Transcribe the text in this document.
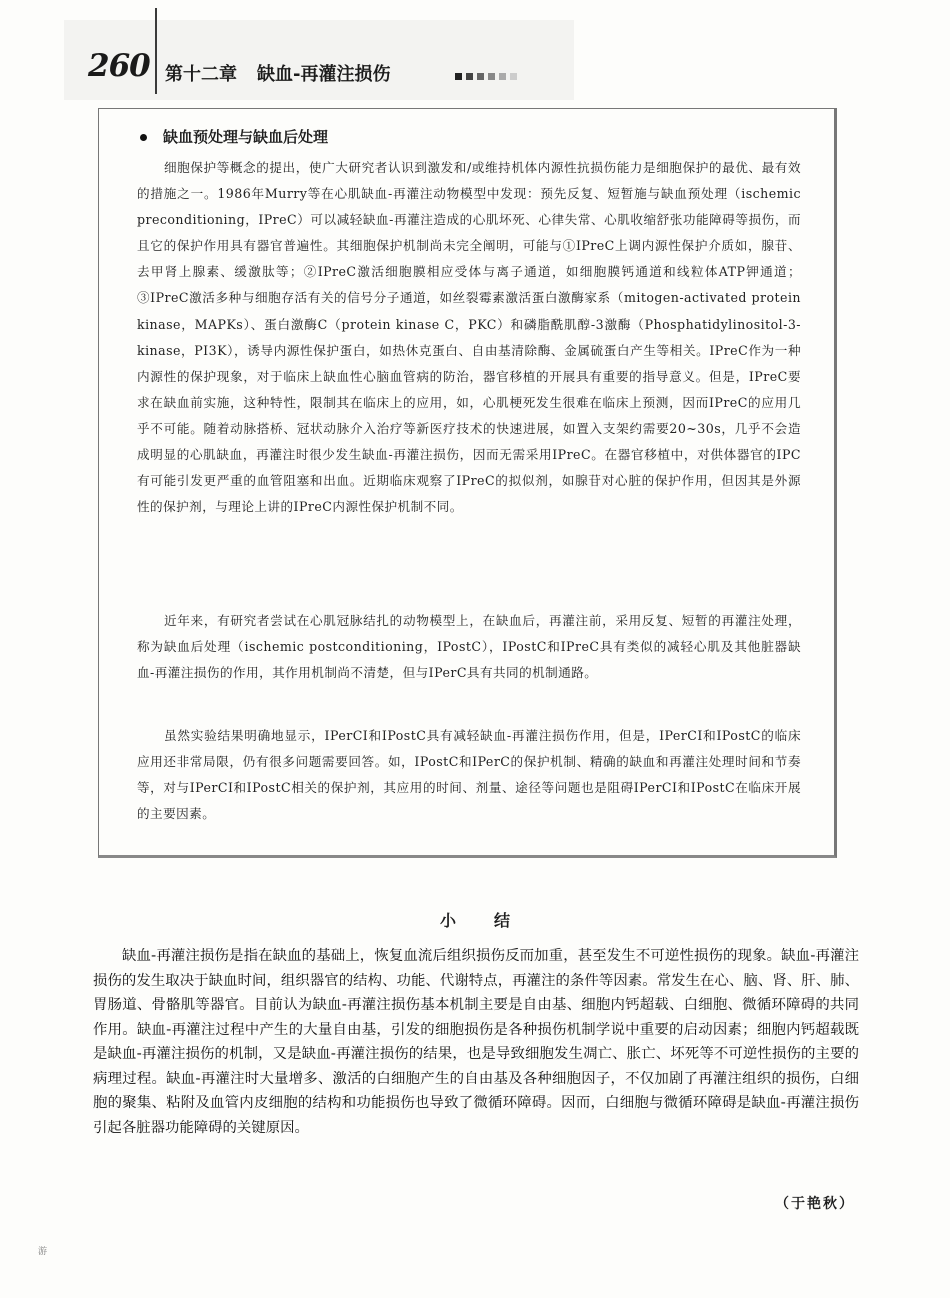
260 第十二章 缺血-再灌注损伤
缺血预处理与缺血后处理

细胞保护等概念的提出，使广大研究者认识到激发和/或维持机体内源性抗损伤能力是细胞保护的最优、最有效的措施之一。1986年Murry等在心肌缺血-再灌注动物模型中发现：预先反复、短暂施与缺血预处理（ischemic preconditioning，IPreC）可以减轻缺血-再灌注造成的心肌坏死、心律失常、心肌收缩舒张功能障碍等损伤，而且它的保护作用具有器官普遍性。其细胞保护机制尚未完全阐明，可能与①IPreC上调内源性保护介质如，腺苷、去甲肾上腺素、缓激肽等；②IPreC激活细胞膜相应受体与离子通道，如细胞膜钙通道和线粒体ATP钾通道；③IPreC激活多种与细胞存活有关的信号分子通道，如丝裂霉素激活蛋白激酶家系（mitogen-activated protein kinase，MAPKs）、蛋白激酶C（protein kinase C，PKC）和磷脂酰肌醇-3激酶（Phosphatidylinositol-3-kinase，PI3K），诱导内源性保护蛋白，如热休克蛋白、自由基清除酶、金属硫蛋白产生等相关。IPreC作为一种内源性的保护现象，对于临床上缺血性心脑血管病的防治，器官移植的开展具有重要的指导意义。但是，IPreC要求在缺血前实施，这种特性，限制其在临床上的应用，如，心肌梗死发生很难在临床上预测，因而IPreC的应用几乎不可能。随着动脉搭桥、冠状动脉介入治疗等新医疗技术的快速进展，如置入支架约需要20~30s，几乎不会造成明显的心肌缺血，再灌注时很少发生缺血-再灌注损伤，因而无需采用IPreC。在器官移植中，对供体器官的IPC有可能引发更严重的血管阻塞和出血。近期临床观察了IPreC的拟似剂，如腺苷对心脏的保护作用，但因其是外源性的保护剂，与理论上讲的IPreC内源性保护机制不同。

近年来，有研究者尝试在心肌冠脉结扎的动物模型上，在缺血后，再灌注前，采用反复、短暂的再灌注处理，称为缺血后处理（ischemic postconditioning，IPostC），IPostC和IPreC具有类似的减轻心肌及其他脏器缺血-再灌注损伤的作用，其作用机制尚不清楚，但与IPerC具有共同的机制通路。

虽然实验结果明确地显示，IPerCI和IPostC具有减轻缺血-再灌注损伤作用，但是，IPerCI和IPostC的临床应用还非常局限，仍有很多问题需要回答。如，IPostC和IPerC的保护机制、精确的缺血和再灌注处理时间和节奏等，对与IPerCI和IPostC相关的保护剂，其应用的时间、剂量、途径等问题也是阻碍IPerCI和IPostC在临床开展的主要因素。

小结

缺血-再灌注损伤是指在缺血的基础上，恢复血流后组织损伤反而加重，甚至发生不可逆性损伤的现象。缺血-再灌注损伤的发生取决于缺血时间，组织器官的结构、功能、代谢特点，再灌注的条件等因素。常发生在心、脑、肾、肝、肺、胃肠道、骨骼肌等器官。目前认为缺血-再灌注损伤基本机制主要是自由基、细胞内钙超载、白细胞、微循环障碍的共同作用。缺血-再灌注过程中产生的大量自由基，引发的细胞损伤是各种损伤机制学说中重要的启动因素；细胞内钙超载既是缺血-再灌注损伤的机制，又是缺血-再灌注损伤的结果，也是导致细胞发生凋亡、胀亡、坏死等不可逆性损伤的主要的病理过程。缺血-再灌注时大量增多、激活的白细胞产生的自由基及各种细胞因子，不仅加剧了再灌注组织的损伤，白细胞的聚集、粘附及血管内皮细胞的结构和功能损伤也导致了微循环障碍。因而，白细胞与微循环障碍是缺血-再灌注损伤引起各脏器功能障碍的关键原因。

（于艳秋）
游
